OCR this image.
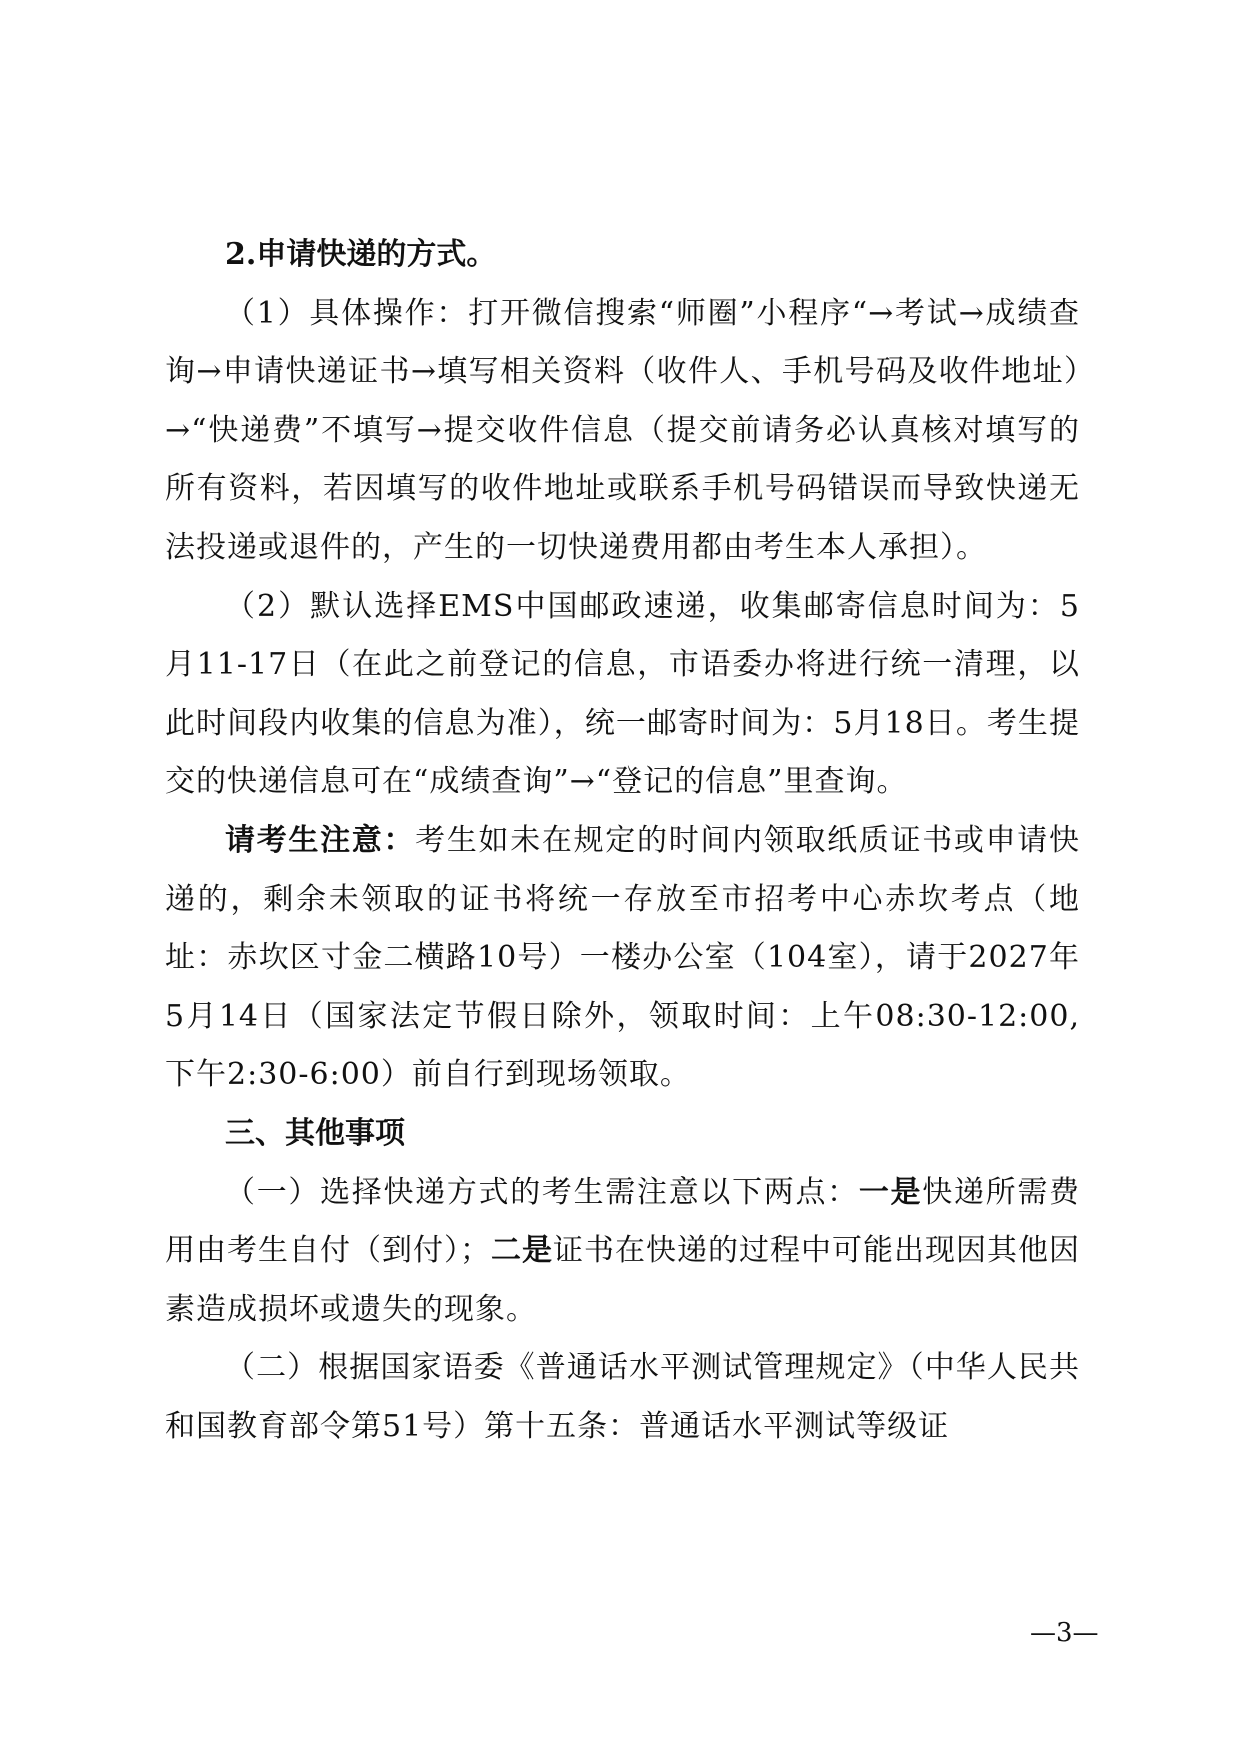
2.申请快递的方式。

（1）具体操作：打开微信搜索“师圈”小程序“→考试→成绩查询→申请快递证书→填写相关资料（收件人、手机号码及收件地址）→“快递费”不填写→提交收件信息（提交前请务必认真核对填写的所有资料，若因填写的收件地址或联系手机号码错误而导致快递无法投递或退件的，产生的一切快递费用都由考生本人承担）。

（2）默认选择EMS中国邮政速递，收集邮寄信息时间为：5月11-17日（在此之前登记的信息，市语委办将进行统一清理，以此时间段内收集的信息为准），统一邮寄时间为：5月18日。考生提交的快递信息可在“成绩查询”→“登记的信息”里查询。

请考生注意：考生如未在规定的时间内领取纸质证书或申请快递的，剩余未领取的证书将统一存放至市招考中心赤坎考点（地址：赤坎区寸金二横路10号）一楼办公室（104室），请于2027年5月14日（国家法定节假日除外，领取时间：上午08:30-12:00,下午2:30-6:00）前自行到现场领取。

三、其他事项

（一）选择快递方式的考生需注意以下两点：一是快递所需费用由考生自付（到付）；二是证书在快递的过程中可能出现因其他因素造成损坏或遗失的现象。

（二）根据国家语委《普通话水平测试管理规定》（中华人民共和国教育部令第51号）第十五条：普通话水平测试等级证

—3—
